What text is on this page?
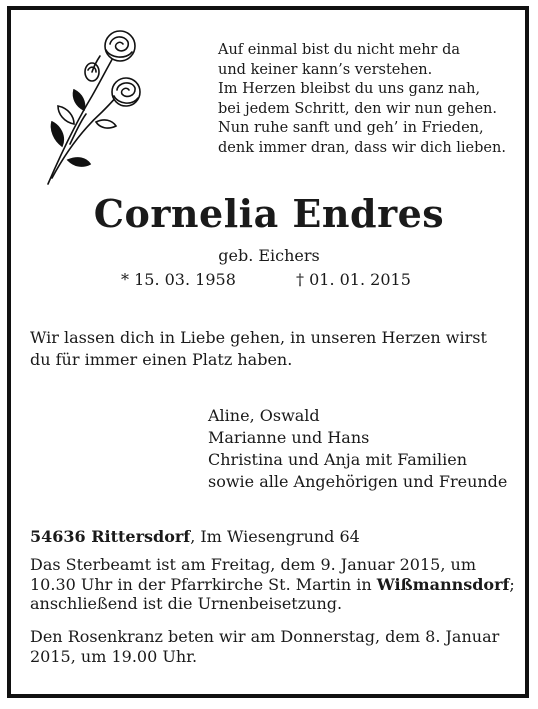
Auf einmal bist du nicht mehr da
und keiner kann’s verstehen.
Im Herzen bleibst du uns ganz nah,
bei jedem Schritt, den wir nun gehen.
Nun ruhe sanft und geh’ in Frieden,
denk immer dran, dass wir dich lieben.
Cornelia Endres
geb. Eichers
* 15. 03. 1958	† 01. 01. 2015
Wir lassen dich in Liebe gehen, in unseren Herzen wirst
du für immer einen Platz haben.
Aline, Oswald
Marianne und Hans
Christina und Anja mit Familien
sowie alle Angehörigen und Freunde
54636 Rittersdorf, Im Wiesengrund 64
Das Sterbeamt ist am Freitag, dem 9. Januar 2015, um
10.30 Uhr in der Pfarrkirche St. Martin in Wißmannsdorf;
anschließend ist die Urnenbeisetzung.
Den Rosenkranz beten wir am Donnerstag, dem 8. Januar
2015, um 19.00 Uhr.
